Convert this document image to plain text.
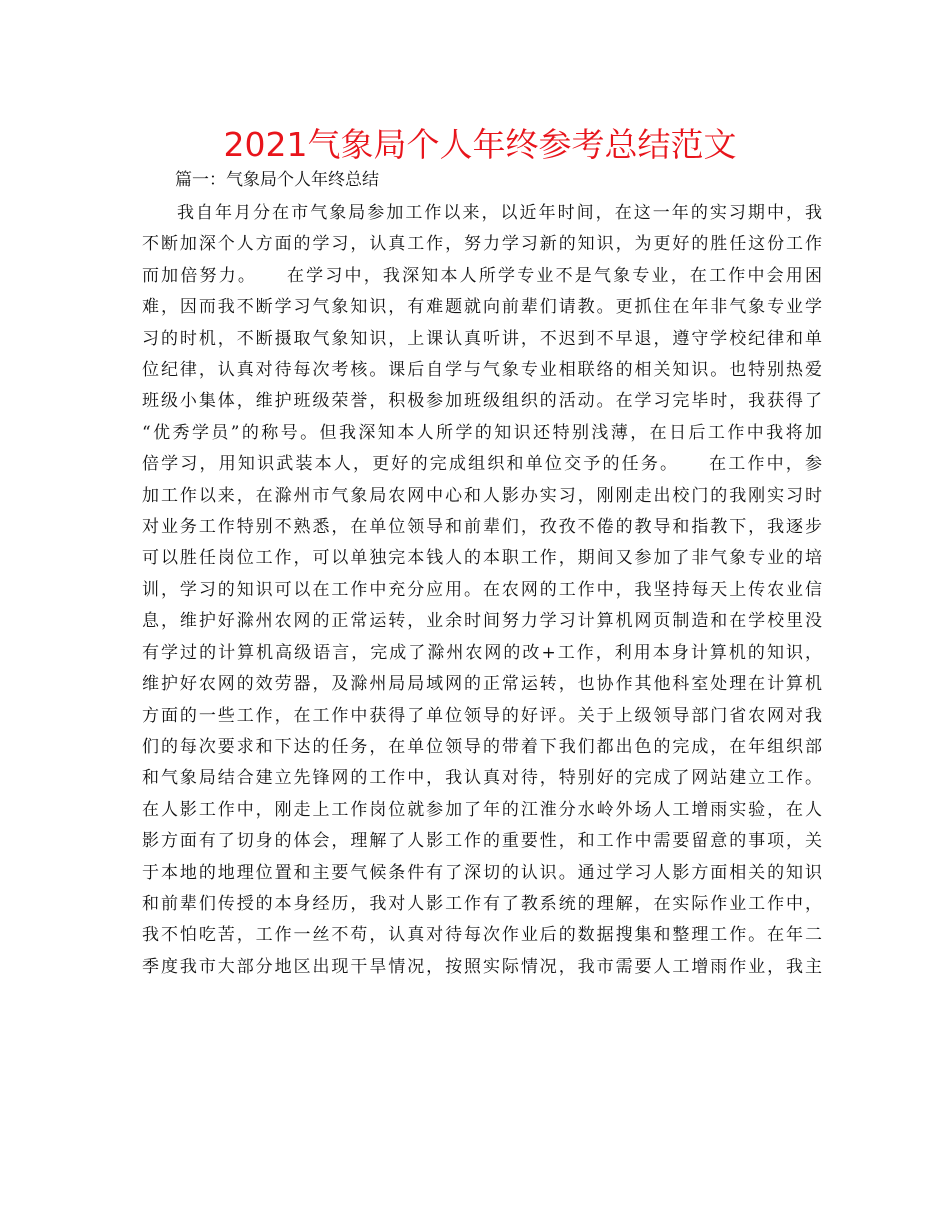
2021气象局个人年终参考总结范文

篇一：气象局个人年终总结

我自年月分在市气象局参加工作以来，以近年时间，在这一年的实习期中，我
不断加深个人方面的学习，认真工作，努力学习新的知识，为更好的胜任这份工作
而加倍努力。　　在学习中，我深知本人所学专业不是气象专业，在工作中会用困
难，因而我不断学习气象知识，有难题就向前辈们请教。更抓住在年非气象专业学
习的时机，不断摄取气象知识，上课认真听讲，不迟到不早退，遵守学校纪律和单
位纪律，认真对待每次考核。课后自学与气象专业相联络的相关知识。也特别热爱
班级小集体，维护班级荣誉，积极参加班级组织的活动。在学习完毕时，我获得了
“优秀学员”的称号。但我深知本人所学的知识还特别浅薄，在日后工作中我将加
倍学习，用知识武装本人，更好的完成组织和单位交予的任务。　　在工作中，参
加工作以来，在滁州市气象局农网中心和人影办实习，刚刚走出校门的我刚实习时
对业务工作特别不熟悉，在单位领导和前辈们，孜孜不倦的教导和指教下，我逐步
可以胜任岗位工作，可以单独完本钱人的本职工作，期间又参加了非气象专业的培
训，学习的知识可以在工作中充分应用。在农网的工作中，我坚持每天上传农业信
息，维护好滁州农网的正常运转，业余时间努力学习计算机网页制造和在学校里没
有学过的计算机高级语言，完成了滁州农网的改+工作，利用本身计算机的知识，
维护好农网的效劳器，及滁州局局域网的正常运转，也协作其他科室处理在计算机
方面的一些工作，在工作中获得了单位领导的好评。关于上级领导部门省农网对我
们的每次要求和下达的任务，在单位领导的带着下我们都出色的完成，在年组织部
和气象局结合建立先锋网的工作中，我认真对待，特别好的完成了网站建立工作。
在人影工作中，刚走上工作岗位就参加了年的江淮分水岭外场人工增雨实验，在人
影方面有了切身的体会，理解了人影工作的重要性，和工作中需要留意的事项，关
于本地的地理位置和主要气候条件有了深切的认识。通过学习人影方面相关的知识
和前辈们传授的本身经历，我对人影工作有了教系统的理解，在实际作业工作中，
我不怕吃苦，工作一丝不苟，认真对待每次作业后的数据搜集和整理工作。在年二
季度我市大部分地区出现干旱情况，按照实际情况，我市需要人工增雨作业，我主
